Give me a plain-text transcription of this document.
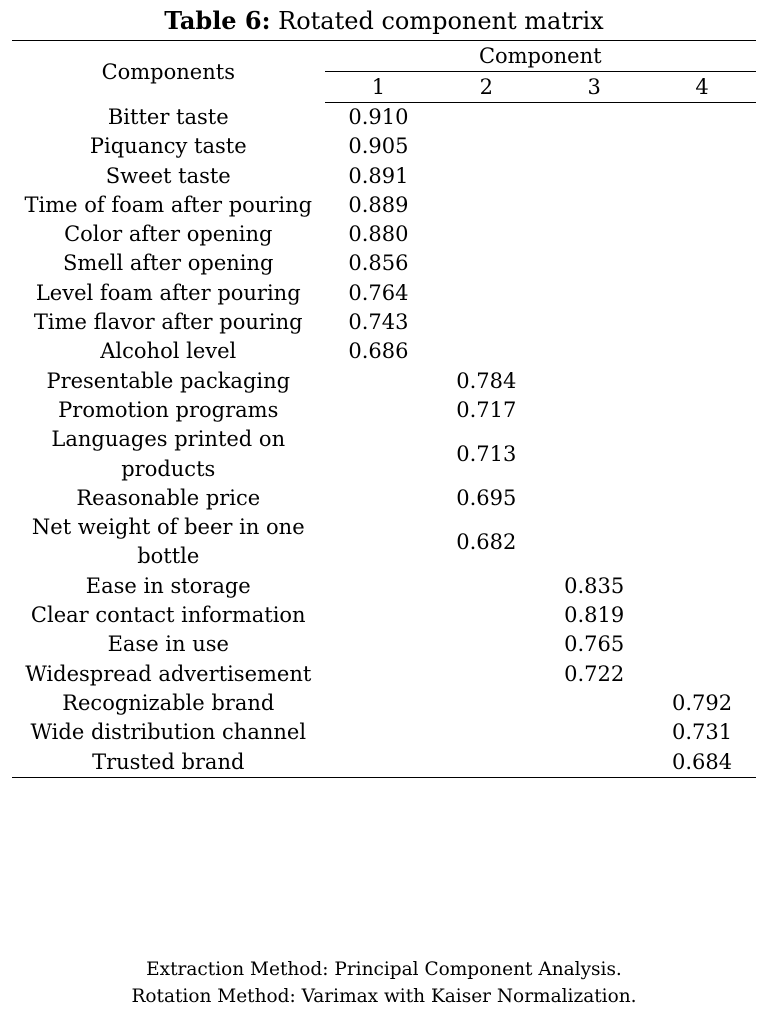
Table 6: Rotated component matrix
Components	Component			
	1	2	3	4
Bitter taste	0.910			
Piquancy taste	0.905			
Sweet taste	0.891			
Time of foam after pouring	0.889			
Color after opening	0.880			
Smell after opening	0.856			
Level foam after pouring	0.764			
Time flavor after pouring	0.743			
Alcohol level	0.686			
Presentable packaging		0.784		
Promotion programs		0.717		
Languages printed on products		0.713		
Reasonable price		0.695		
Net weight of beer in one bottle		0.682		
Ease in storage			0.835	
Clear contact information			0.819	
Ease in use			0.765	
Widespread advertisement			0.722	
Recognizable brand				0.792
Wide distribution channel				0.731
Trusted brand				0.684
Extraction Method: Principal Component Analysis.
Rotation Method: Varimax with Kaiser Normalization.
